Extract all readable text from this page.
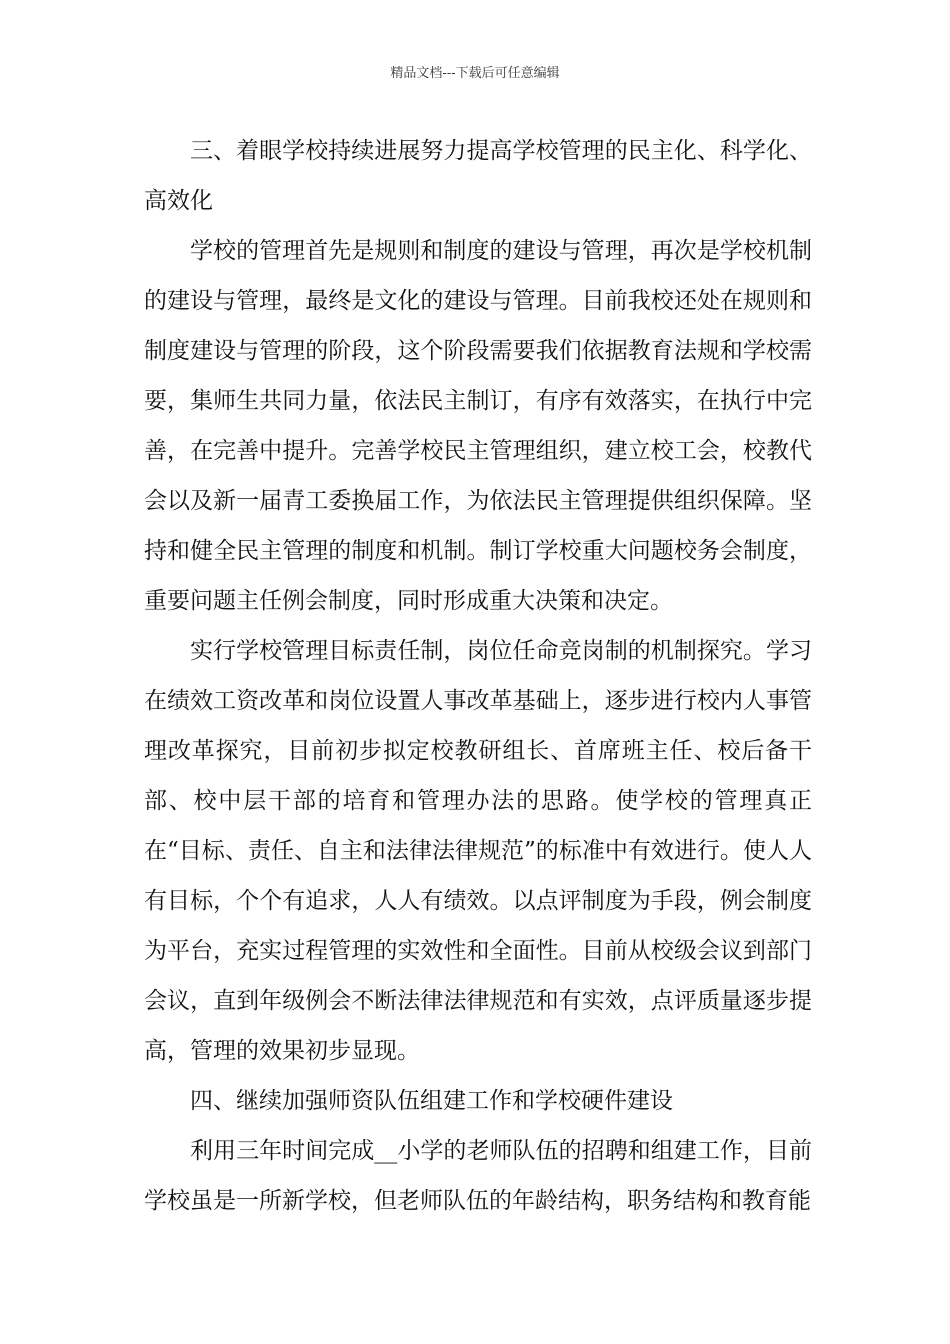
精品文档---下载后可任意编辑

三、着眼学校持续进展努力提高学校管理的民主化、科学化、高效化

学校的管理首先是规则和制度的建设与管理，再次是学校机制的建设与管理，最终是文化的建设与管理。目前我校还处在规则和制度建设与管理的阶段，这个阶段需要我们依据教育法规和学校需要，集师生共同力量，依法民主制订，有序有效落实，在执行中完善，在完善中提升。完善学校民主管理组织，建立校工会，校教代会以及新一届青工委换届工作，为依法民主管理提供组织保障。坚持和健全民主管理的制度和机制。制订学校重大问题校务会制度，重要问题主任例会制度，同时形成重大决策和决定。

实行学校管理目标责任制，岗位任命竞岗制的机制探究。学习在绩效工资改革和岗位设置人事改革基础上，逐步进行校内人事管理改革探究，目前初步拟定校教研组长、首席班主任、校后备干部、校中层干部的培育和管理办法的思路。使学校的管理真正在“目标、责任、自主和法律法律规范”的标准中有效进行。使人人有目标，个个有追求，人人有绩效。以点评制度为手段，例会制度为平台，充实过程管理的实效性和全面性。目前从校级会议到部门会议，直到年级例会不断法律法律规范和有实效，点评质量逐步提高，管理的效果初步显现。

四、继续加强师资队伍组建工作和学校硬件建设

利用三年时间完成__小学的老师队伍的招聘和组建工作，目前学校虽是一所新学校，但老师队伍的年龄结构，职务结构和教育能
